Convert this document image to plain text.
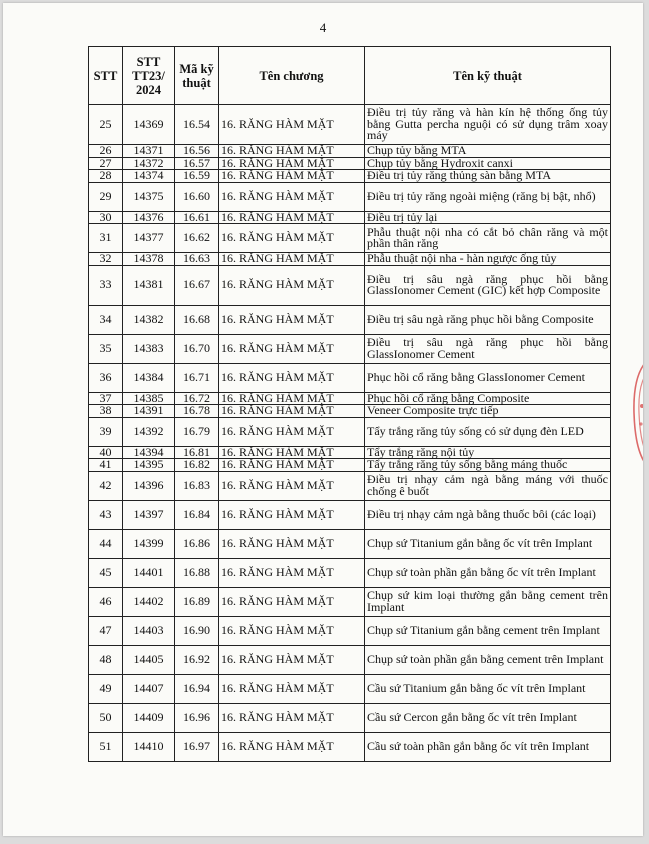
4
STT	STT TT23/ 2024	Mã kỹ thuật	Tên chương	Tên kỹ thuật
25	14369	16.54	16. RĂNG HÀM MẶT	Điều trị tủy răng và hàn kín hệ thống ống tủy bằng Gutta percha nguội có sử dụng trâm xoay máy
26	14371	16.56	16. RĂNG HÀM MẶT	Chụp tủy bằng MTA
27	14372	16.57	16. RĂNG HÀM MẶT	Chụp tủy bằng Hydroxit canxi
28	14374	16.59	16. RĂNG HÀM MẶT	Điều trị tủy răng thủng sàn bằng MTA
29	14375	16.60	16. RĂNG HÀM MẶT	Điều trị tủy răng ngoài miệng (răng bị bật, nhổ)
30	14376	16.61	16. RĂNG HÀM MẶT	Điều trị tủy lại
31	14377	16.62	16. RĂNG HÀM MẶT	Phẫu thuật nội nha có cắt bỏ chân răng và một phần thân răng
32	14378	16.63	16. RĂNG HÀM MẶT	Phẫu thuật nội nha - hàn ngược ống tủy
33	14381	16.67	16. RĂNG HÀM MẶT	Điều trị sâu ngà răng phục hồi bằng GlassIonomer Cement (GIC) kết hợp Composite
34	14382	16.68	16. RĂNG HÀM MẶT	Điều trị sâu ngà răng phục hồi bằng Composite
35	14383	16.70	16. RĂNG HÀM MẶT	Điều trị sâu ngà răng phục hồi bằng GlassIonomer Cement
36	14384	16.71	16. RĂNG HÀM MẶT	Phục hồi cổ răng bằng GlassIonomer Cement
37	14385	16.72	16. RĂNG HÀM MẶT	Phục hồi cổ răng bằng Composite
38	14391	16.78	16. RĂNG HÀM MẶT	Veneer Composite trực tiếp
39	14392	16.79	16. RĂNG HÀM MẶT	Tẩy trắng răng tủy sống có sử dụng đèn LED
40	14394	16.81	16. RĂNG HÀM MẶT	Tẩy trắng răng nội tủy
41	14395	16.82	16. RĂNG HÀM MẶT	Tẩy trắng răng tủy sống bằng máng thuốc
42	14396	16.83	16. RĂNG HÀM MẶT	Điều trị nhạy cảm ngà bằng máng với thuốc chống ê buốt
43	14397	16.84	16. RĂNG HÀM MẶT	Điều trị nhạy cảm ngà bằng thuốc bôi (các loại)
44	14399	16.86	16. RĂNG HÀM MẶT	Chụp sứ Titanium gắn bằng ốc vít trên Implant
45	14401	16.88	16. RĂNG HÀM MẶT	Chụp sứ toàn phần gắn bằng ốc vít trên Implant
46	14402	16.89	16. RĂNG HÀM MẶT	Chụp sứ kim loại thường gắn bằng cement trên Implant
47	14403	16.90	16. RĂNG HÀM MẶT	Chụp sứ Titanium gắn bằng cement trên Implant
48	14405	16.92	16. RĂNG HÀM MẶT	Chụp sứ toàn phần gắn bằng cement trên Implant
49	14407	16.94	16. RĂNG HÀM MẶT	Cầu sứ Titanium gắn bằng ốc vít trên Implant
50	14409	16.96	16. RĂNG HÀM MẶT	Cầu sứ Cercon gắn bằng ốc vít trên Implant
51	14410	16.97	16. RĂNG HÀM MẶT	Cầu sứ toàn phần gắn bằng ốc vít trên Implant
